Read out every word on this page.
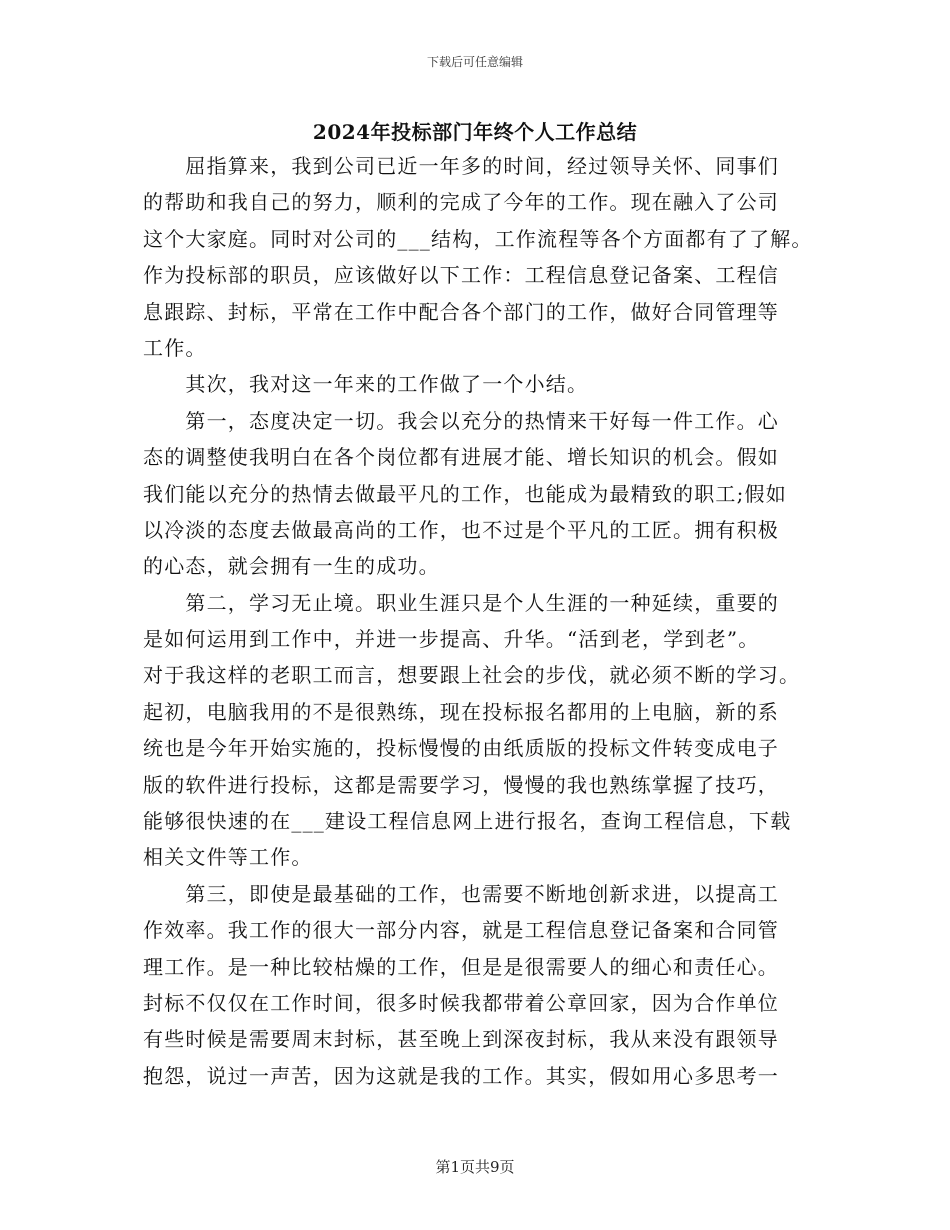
下载后可任意编辑
2024年投标部门年终个人工作总结
　　屈指算来，我到公司已近一年多的时间，经过领导关怀、同事们
的帮助和我自己的努力，顺利的完成了今年的工作。现在融入了公司
这个大家庭。同时对公司的___结构，工作流程等各个方面都有了了解。
作为投标部的职员，应该做好以下工作：工程信息登记备案、工程信
息跟踪、封标，平常在工作中配合各个部门的工作，做好合同管理等
工作。
　　其次，我对这一年来的工作做了一个小结。
　　第一，态度决定一切。我会以充分的热情来干好每一件工作。心
态的调整使我明白在各个岗位都有进展才能、增长知识的机会。假如
我们能以充分的热情去做最平凡的工作，也能成为最精致的职工;假如
以冷淡的态度去做最高尚的工作，也不过是个平凡的工匠。拥有积极
的心态，就会拥有一生的成功。
　　第二，学习无止境。职业生涯只是个人生涯的一种延续，重要的
是如何运用到工作中，并进一步提高、升华。“活到老，学到老”。
对于我这样的老职工而言，想要跟上社会的步伐，就必须不断的学习。
起初，电脑我用的不是很熟练，现在投标报名都用的上电脑，新的系
统也是今年开始实施的，投标慢慢的由纸质版的投标文件转变成电子
版的软件进行投标，这都是需要学习，慢慢的我也熟练掌握了技巧，
能够很快速的在___建设工程信息网上进行报名，查询工程信息，下载
相关文件等工作。
　　第三，即使是最基础的工作，也需要不断地创新求进，以提高工
作效率。我工作的很大一部分内容，就是工程信息登记备案和合同管
理工作。是一种比较枯燥的工作，但是是很需要人的细心和责任心。
封标不仅仅在工作时间，很多时候我都带着公章回家，因为合作单位
有些时候是需要周末封标，甚至晚上到深夜封标，我从来没有跟领导
抱怨，说过一声苦，因为这就是我的工作。其实，假如用心多思考一
第1页共9页
